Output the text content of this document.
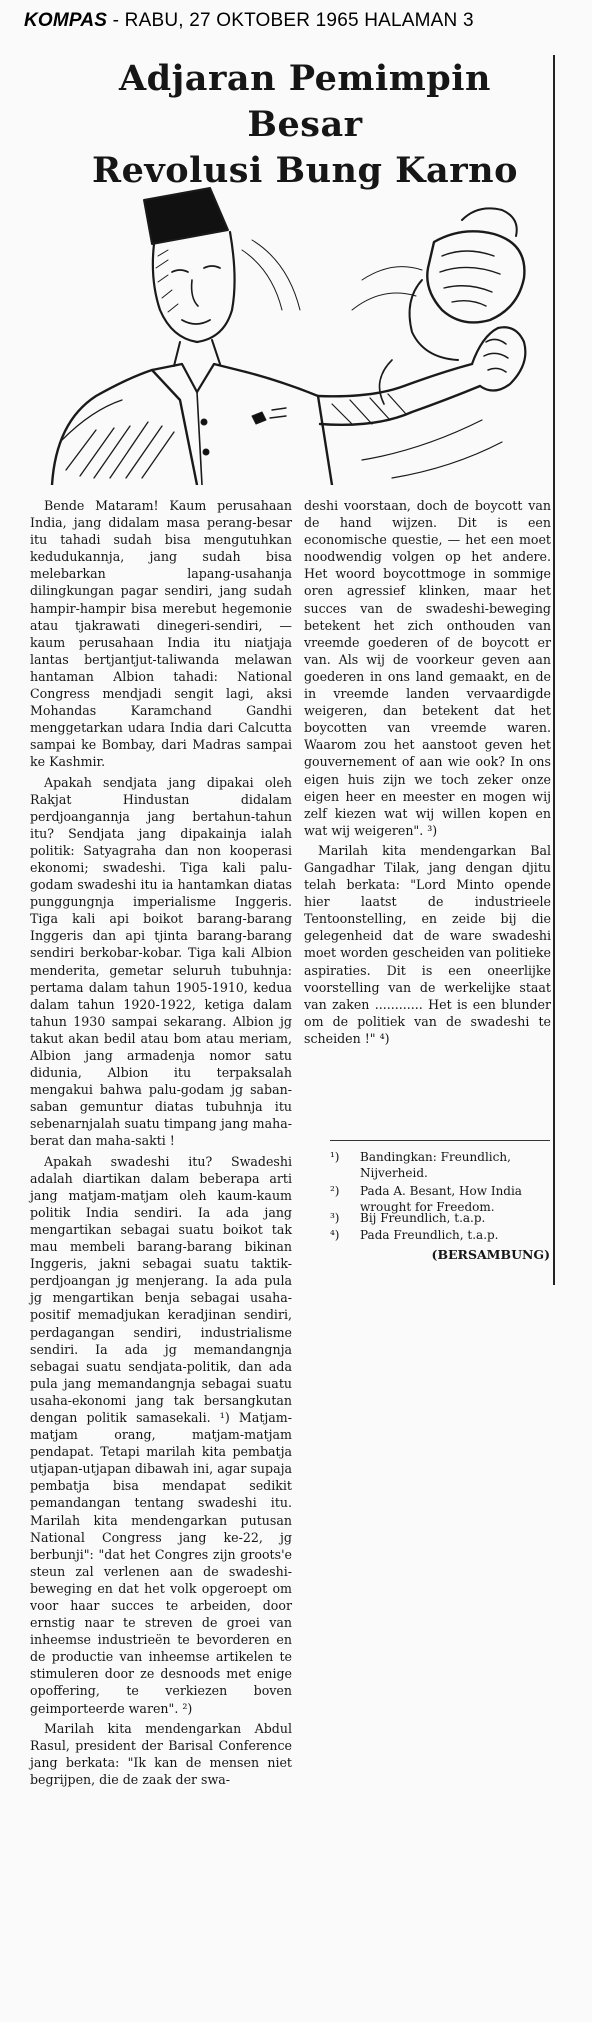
KOMPAS - RABU, 27 OKTOBER 1965 HALAMAN 3
Adjaran Pemimpin Besar
Revolusi Bung Karno

Bende Mataram! Kaum perusahaan India, jang didalam masa perang-besar itu tahadi sudah bisa mengutuhkan kedudukannja, jang sudah bisa melebarkan lapang-usahanja dilingkungan pagar sendiri, jang sudah hampir-hampir bisa merebut hegemonie atau tjakrawati dinegeri-sendiri, — kaum perusahaan India itu niatjaja lantas bertjantjut-taliwanda melawan hantaman Albion tahadi: National Congress mendjadi sengit lagi, aksi Mohandas Karamchand Gandhi menggetarkan udara India dari Calcutta sampai ke Bombay, dari Madras sampai ke Kashmir.

Apakah sendjata jang dipakai oleh Rakjat Hindustan didalam perdjoangannja jang bertahun-tahun itu? Sendjata jang dipakainja ialah politik: Satyagraha dan non kooperasi ekonomi; swadeshi. Tiga kali palu-godam swadeshi itu ia hantamkan diatas punggungnja imperialisme Inggeris. Tiga kali api boikot barang-barang Inggeris dan api tjinta barang-barang sendiri berkobar-kobar. Tiga kali Albion menderita, gemetar seluruh tubuhnja: pertama dalam tahun 1905-1910, kedua dalam tahun 1920-1922, ketiga dalam tahun 1930 sampai sekarang. Albion jg takut akan bedil atau bom atau meriam, Albion jang armadenja nomor satu didunia, Albion itu terpaksalah mengakui bahwa palu-godam jg saban-saban gemuntur diatas tubuhnja itu sebenarnjalah suatu timpang jang maha-berat dan maha-sakti !

Apakah swadeshi itu? Swadeshi adalah diartikan dalam beberapa arti jang matjam-matjam oleh kaum-kaum politik India sendiri. Ia ada jang mengartikan sebagai suatu boikot tak mau membeli barang-barang bikinan Inggeris, jakni sebagai suatu taktik-perdjoangan jg menjerang. Ia ada pula jg mengartikan benja sebagai usaha-positif memadjukan keradjinan sendiri, perdagangan sendiri, industrialisme sendiri. Ia ada jg memandangnja sebagai suatu sendjata-politik, dan ada pula jang memandangnja sebagai suatu usaha-ekonomi jang tak bersangkutan dengan politik samasekali. ¹) Matjam-matjam orang, matjam-matjam pendapat. Tetapi marilah kita pembatja utjapan-utjapan dibawah ini, agar supaja pembatja bisa mendapat sedikit pemandangan tentang swadeshi itu. Marilah kita mendengarkan putusan National Congress jang ke-22, jg berbunji": "dat het Congres zijn groots'e steun zal verlenen aan de swadeshi-beweging en dat het volk opgeroept om voor haar succes te arbeiden, door ernstig naar te streven de groei van inheemse industrieën te bevorderen en de productie van inheemse artikelen te stimuleren door ze desnoods met enige opoffering, te verkiezen boven geimporteerde waren". ²)

Marilah kita mendengarkan Abdul Rasul, president der Barisal Conference jang berkata: "Ik kan de mensen niet begrijpen, die de zaak der swa-

deshi voorstaan, doch de boycott van de hand wijzen. Dit is een economische questie, — het een moet noodwendig volgen op het andere. Het woord boycottmoge in sommige oren agressief klinken, maar het succes van de swadeshi-beweging betekent het zich onthouden van vreemde goederen of de boycott er van. Als wij de voorkeur geven aan goederen in ons land gemaakt, en de in vreemde landen vervaardigde weigeren, dan betekent dat het boycotten van vreemde waren. Waarom zou het aanstoot geven het gouvernement of aan wie ook? In ons eigen huis zijn we toch zeker onze eigen heer en meester en mogen wij zelf kiezen wat wij willen kopen en wat wij weigeren". ³)

Marilah kita mendengarkan Bal Gangadhar Tilak, jang dengan djitu telah berkata: "Lord Minto opende hier laatst de industrieele Tentoonstelling, en zeide bij die gelegenheid dat de ware swadeshi moet worden gescheiden van politieke aspiraties. Dit is een oneerlijke voorstelling van de werkelijke staat van zaken ............ Het is een blunder om de politiek van de swadeshi te scheiden !" ⁴)

¹)	Bandingkan: Freundlich, Nijverheid.
²)	Pada A. Besant, How India wrought for Freedom.
³)	Bij Freundlich, t.a.p.
⁴)	Pada Freundlich, t.a.p.
(BERSAMBUNG)
